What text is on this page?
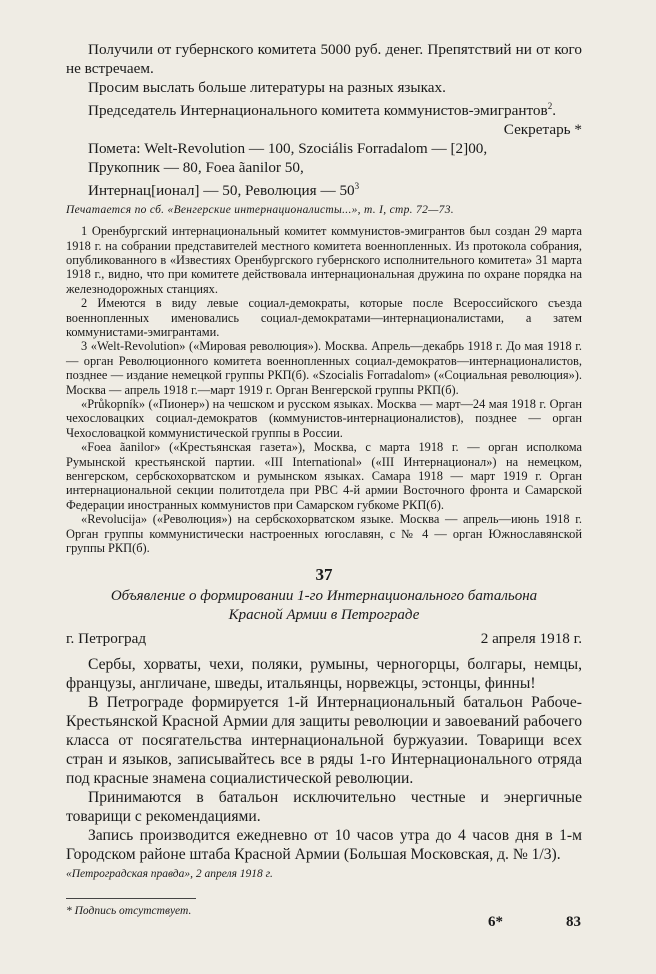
Получили от губернского комитета 5000 руб. денег. Препятствий ни от кого не встречаем.

Просим выслать больше литературы на разных языках.

Председатель Интернационального комитета коммунистов-эмигрантов$^2$.

Секретарь *

Помета: Welt-Revolution — 100, Szociális Forradalom — [2]00,
Прукопник — 80, Foea ãanilor 50,
Интернац[ионал] — 50, Революция — $50^3$
Печатается по сб. «Венгерские интернационалисты...», т. I, стр. 72—73.

1 Оренбургский интернациональный комитет коммунистов-эмигрантов был создан 29 марта 1918 г. на собрании представителей местного комитета военнопленных. Из протокола собрания, опубликованного в «Известиях Оренбургского губернского исполнительного комитета» 31 марта 1918 г., видно, что при комитете действовала интернациональная дружина по охране порядка на железнодорожных станциях.

2 Имеются в виду левые социал-демократы, которые после Всероссийского съезда военнопленных именовались социал-демократами—интернационалистами, а затем коммунистами-эмигрантами.

3 «Welt-Revolution» («Мировая революция»). Москва. Апрель—декабрь 1918 г. До мая 1918 г. — орган Революционного комитета военнопленных социал-демократов—интернационалистов, позднее — издание немецкой группы РКП(б). «Szocialis Forradalom» («Социальная революция»). Москва — апрель 1918 г.—март 1919 г. Орган Венгерской группы РКП(б).

«Průkopník» («Пионер») на чешском и русском языках. Москва — март—24 мая 1918 г. Орган чехословацких социал-демократов (коммунистов-интернационалистов), позднее — орган Чехословацкой коммунистической группы в России.

«Foea ãanilor» («Крестьянская газета»), Москва, с марта 1918 г. — орган исполкома Румынской крестьянской партии. «III International» («III Интернационал») на немецком, венгерском, сербскохорватском и румынском языках. Самара 1918 — март 1919 г. Орган интернациональной секции политотдела при РВС 4-й армии Восточного фронта и Самарской Федерации иностранных коммунистов при Самарском губкоме РКП(б).

«Revolucija» («Революция») на сербскохорватском языке. Москва — апрель—июнь 1918 г. Орган группы коммунистически настроенных югославян, с № 4 — орган Южнославянской группы РКП(б).

37
Объявление о формировании 1-го Интернационального батальона Красной Армии в Петрограде
г. Петроград	2 апреля 1918 г.

Сербы, хорваты, чехи, поляки, румыны, черногорцы, болгары, немцы, французы, англичане, шведы, итальянцы, норвежцы, эстонцы, финны!

В Петрограде формируется 1-й Интернациональный батальон Рабоче-Крестьянской Красной Армии для защиты революции и завоеваний рабочего класса от посягательства интернациональной буржуазии. Товарищи всех стран и языков, записывайтесь все в ряды 1-го Интернационального отряда под красные знамена социалистической революции.

Принимаются в батальон исключительно честные и энергичные товарищи с рекомендациями.

Запись производится ежедневно от 10 часов утра до 4 часов дня в 1-м Городском районе штаба Красной Армии (Большая Московская, д. № 1/3).

«Петроградская правда», 2 апреля 1918 г.
* Подпись отсутствует.
6*	83
